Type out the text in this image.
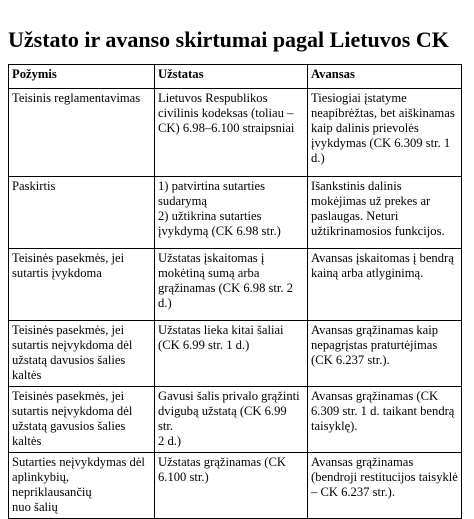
Užstato ir avanso skirtumai pagal Lietuvos CK
Požymis	Užstatas	Avansas

Teisinis reglamentavimas	Lietuvos Respublikos
civilinis kodeksas (toliau –
CK) 6.98–6.100 straipsniai	Tiesiogiai įstatyme
neapibrėžtas, bet aiškinamas
kaip dalinis prievolės
įvykdymas (CK 6.309 str. 1
d.)

Paskirtis	1) patvirtina sutarties
sudarymą
2) užtikrina sutarties
įvykdymą (CK 6.98 str.)	Išankstinis dalinis
mokėjimas už prekes ar
paslaugas. Neturi
užtikrinamosios funkcijos.

Teisinės pasekmės, jei
sutartis įvykdoma	Užstatas įskaitomas į
mokėtiną sumą arba
grąžinamas (CK 6.98 str. 2
d.)	Avansas įskaitomas į bendrą
kainą arba atlyginimą.

Teisinės pasekmės, jei
sutartis neįvykdoma dėl
užstatą davusios šalies kaltės	Užstatas lieka kitai šaliai
(CK 6.99 str. 1 d.)	Avansas grąžinamas kaip
nepagrįstas praturtėjimas
(CK 6.237 str.).

Teisinės pasekmės, jei
sutartis neįvykdoma dėl
užstatą gavusios šalies kaltės	Gavusi šalis privalo grąžinti
dvigubą užstatą (CK 6.99 str.
2 d.)	Avansas grąžinamas (CK
6.309 str. 1 d. taikant bendrą
taisyklę).

Sutarties neįvykdymas dėl
aplinkybių, nepriklausančių
nuo šalių	Užstatas grąžinamas (CK
6.100 str.)	Avansas grąžinamas
(bendroji restitucijos taisyklė
– CK 6.237 str.).
